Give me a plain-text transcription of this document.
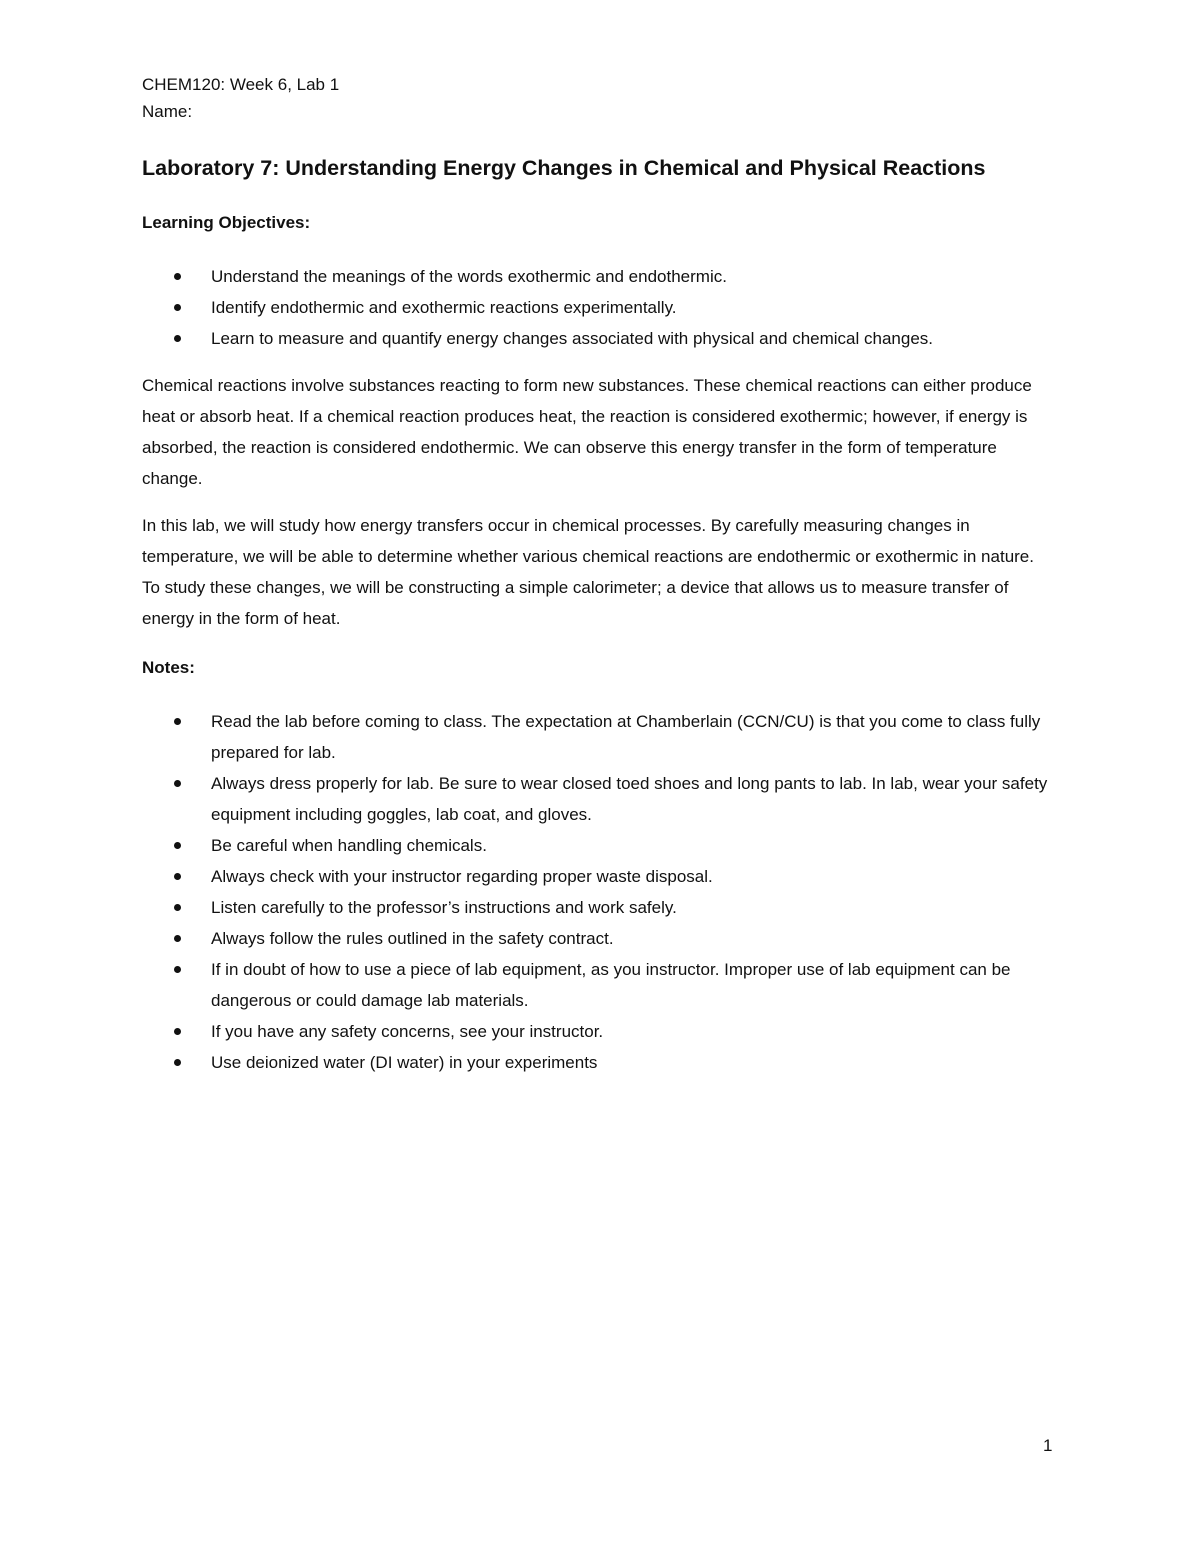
CHEM120: Week 6, Lab 1
Name:
Laboratory 7: Understanding Energy Changes in Chemical and Physical Reactions
Learning Objectives:
Understand the meanings of the words exothermic and endothermic.
Identify endothermic and exothermic reactions experimentally.
Learn to measure and quantify energy changes associated with physical and chemical changes.

Chemical reactions involve substances reacting to form new substances. These chemical reactions can either produce heat or absorb heat. If a chemical reaction produces heat, the reaction is considered exothermic; however, if energy is absorbed, the reaction is considered endothermic. We can observe this energy transfer in the form of temperature change.

In this lab, we will study how energy transfers occur in chemical processes. By carefully measuring changes in temperature, we will be able to determine whether various chemical reactions are endothermic or exothermic in nature. To study these changes, we will be constructing a simple calorimeter; a device that allows us to measure transfer of energy in the form of heat.

Notes:
Read the lab before coming to class. The expectation at Chamberlain (CCN/CU) is that you come to class fully prepared for lab.
Always dress properly for lab. Be sure to wear closed toed shoes and long pants to lab. In lab, wear your safety equipment including goggles, lab coat, and gloves.
Be careful when handling chemicals.
Always check with your instructor regarding proper waste disposal.
Listen carefully to the professor’s instructions and work safely.
Always follow the rules outlined in the safety contract.
If in doubt of how to use a piece of lab equipment, as you instructor. Improper use of lab equipment can be dangerous or could damage lab materials.
If you have any safety concerns, see your instructor.
Use deionized water (DI water) in your experiments
1
